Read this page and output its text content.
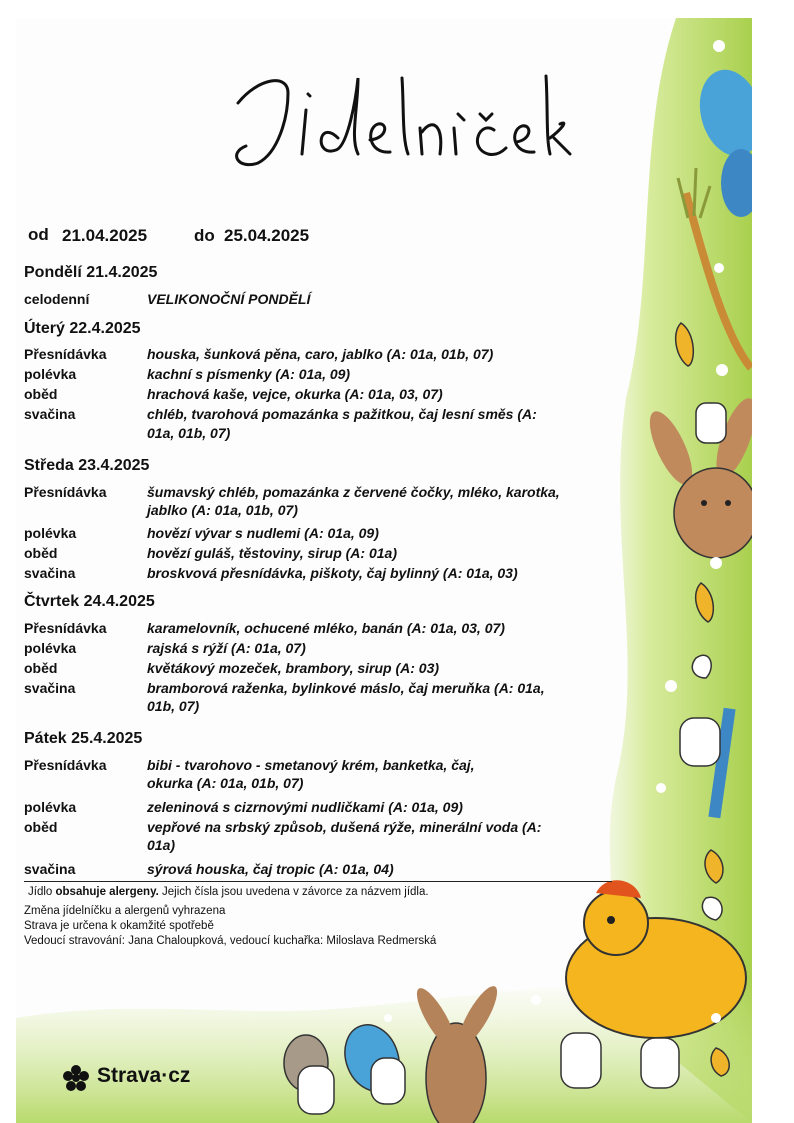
od 21.04.2025	do 25.04.2025
Pondělí 21.4.2025
celodenní	VELIKONOČNÍ PONDĚLÍ
Úterý 22.4.2025
Přesnídávka	houska, šunková pěna, caro, jablko (A: 01a, 01b, 07)
polévka	kachní s písmenky (A: 01a, 09)
oběd	hrachová kaše, vejce, okurka (A: 01a, 03, 07)
svačina	chléb, tvarohová pomazánka s pažitkou, čaj lesní směs (A:
01a, 01b, 07)
Středa 23.4.2025
Přesnídávka	šumavský chléb, pomazánka z červené čočky, mléko, karotka,
jablko (A: 01a, 01b, 07)
polévka	hovězí vývar s nudlemi (A: 01a, 09)
oběd	hovězí guláš, těstoviny, sirup (A: 01a)
svačina	broskvová přesnídávka, piškoty, čaj bylinný (A: 01a, 03)
Čtvrtek 24.4.2025
Přesnídávka	karamelovník, ochucené mléko, banán (A: 01a, 03, 07)
polévka	rajská s rýží (A: 01a, 07)
oběd	květákový mozeček, brambory, sirup (A: 03)
svačina	bramborová raženka, bylinkové máslo, čaj meruňka (A: 01a,
01b, 07)
Pátek 25.4.2025
Přesnídávka	bibi - tvarohovo - smetanový krém, banketka, čaj,
okurka (A: 01a, 01b, 07)
polévka	zeleninová s cizrnovými nudličkami (A: 01a, 09)
oběd	vepřové na srbský způsob, dušená rýže, minerální voda (A:
01a)
svačina	sýrová houska, čaj tropic (A: 01a, 04)
Jídlo obsahuje alergeny. Jejich čísla jsou uvedena v závorce za názvem jídla.
Změna jídelníčku a alergenů vyhrazena
Strava je určena k okamžité spotřebě
Vedoucí stravování: Jana Chaloupková, vedoucí kuchařka: Miloslava Redmerská
Strava·cz
